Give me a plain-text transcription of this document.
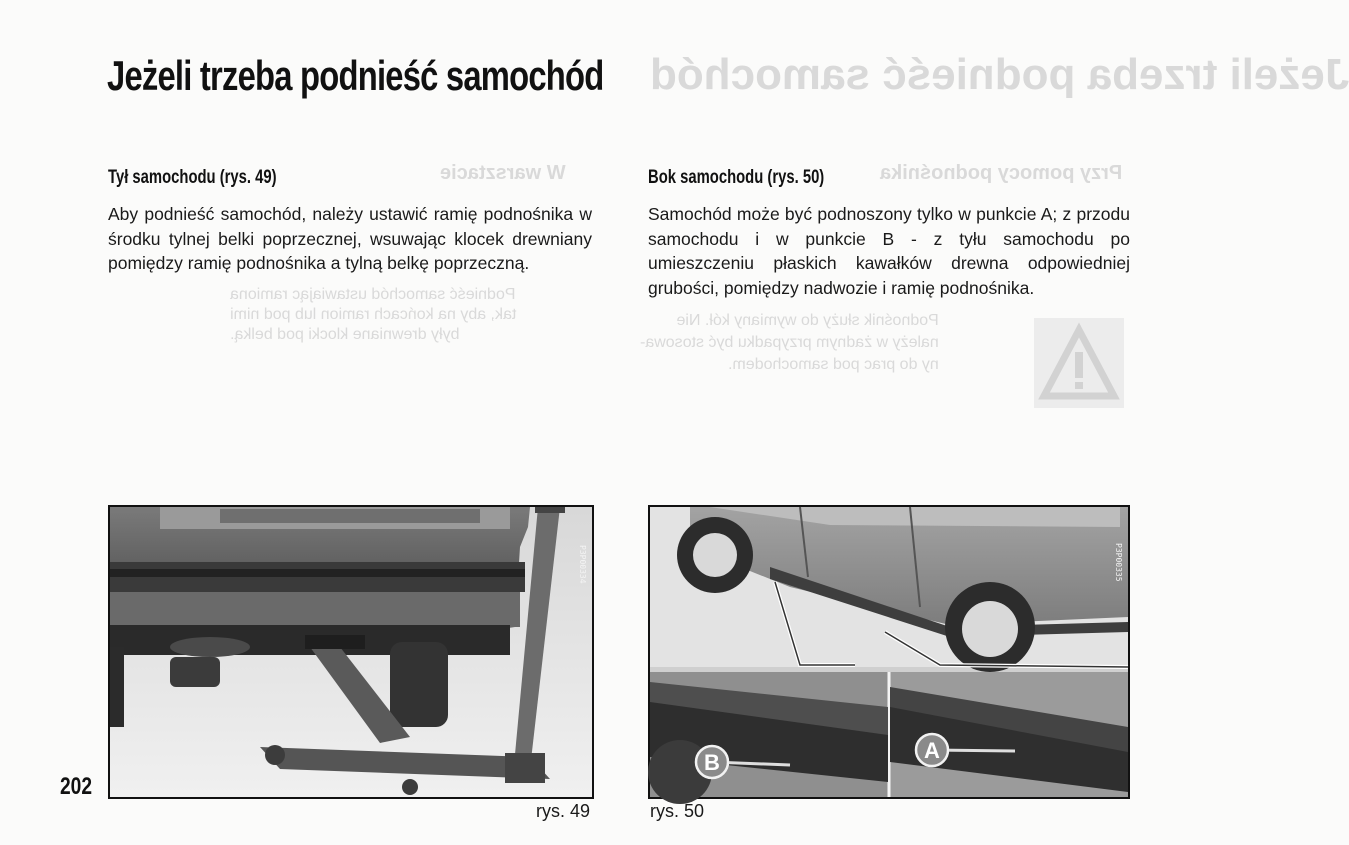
Jeżeli trzeba podnieść samochód
W warsztacie	Przy pomocy podnośnika
Podnieść samochód ustawiając ramiona
tak, aby na końcach ramion lub pod nimi
były drewniane klocki pod belką.
Podnośnik służy do wymiany kół. Nie
należy w żadnym przypadku być stosowa-
ny do prac pod samochodem.
Jeżeli trzeba podnieść samochód
Tył samochodu (rys. 49)

Aby podnieść samochód, należy ustawić ramię podnośnika w środku tylnej belki poprzecznej, wsuwając klocek drewniany pomiędzy ramię podnośnika a tylną belkę poprzeczną.

Bok samochodu (rys. 50)

Samochód może być podnoszony tylko w punkcie A; z przodu samochodu i w punkcie B - z tyłu samochodu po umieszczeniu płaskich kawałków drewna odpowiedniej grubości, pomiędzy nadwozie i ramię podnośnika.

P3P00334
B	A
P3P00335
202
rys. 49	rys. 50
